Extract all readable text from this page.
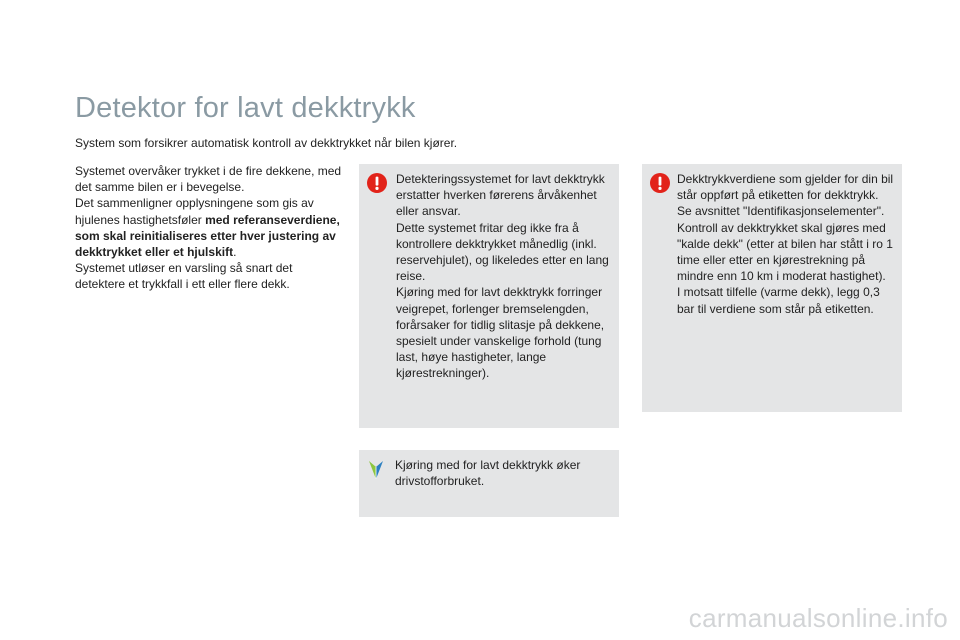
Detektor for lavt dekktrykk

System som forsikrer automatisk kontroll av dekktrykket når bilen kjører.

Systemet overvåker trykket i de fire dekkene, med det samme bilen er i bevegelse.

Det sammenligner opplysningene som gis av hjulenes hastighetsføler med referanseverdiene, som skal reinitialiseres etter hver justering av dekktrykket eller et hjulskift.

Systemet utløser en varsling så snart det detektere et trykkfall i ett eller flere dekk.

Detekteringssystemet for lavt dekktrykk erstatter hverken førerens årvåkenhet eller ansvar.

Dette systemet fritar deg ikke fra å kontrollere dekktrykket månedlig (inkl. reservehjulet), og likeledes etter en lang reise.

Kjøring med for lavt dekktrykk forringer veigrepet, forlenger bremselengden, forårsaker for tidlig slitasje på dekkene, spesielt under vanskelige forhold (tung last, høye hastigheter, lange kjørestrekninger).

Dekktrykkverdiene som gjelder for din bil står oppført på etiketten for dekktrykk.

Se avsnittet "Identifikasjonselementer".

Kontroll av dekktrykket skal gjøres med "kalde dekk" (etter at bilen har stått i ro 1 time eller etter en kjørestrekning på mindre enn 10 km i moderat hastighet).

I motsatt tilfelle (varme dekk), legg 0,3 bar til verdiene som står på etiketten.

Kjøring med for lavt dekktrykk øker drivstofforbruket.

carmanualsonline.info
